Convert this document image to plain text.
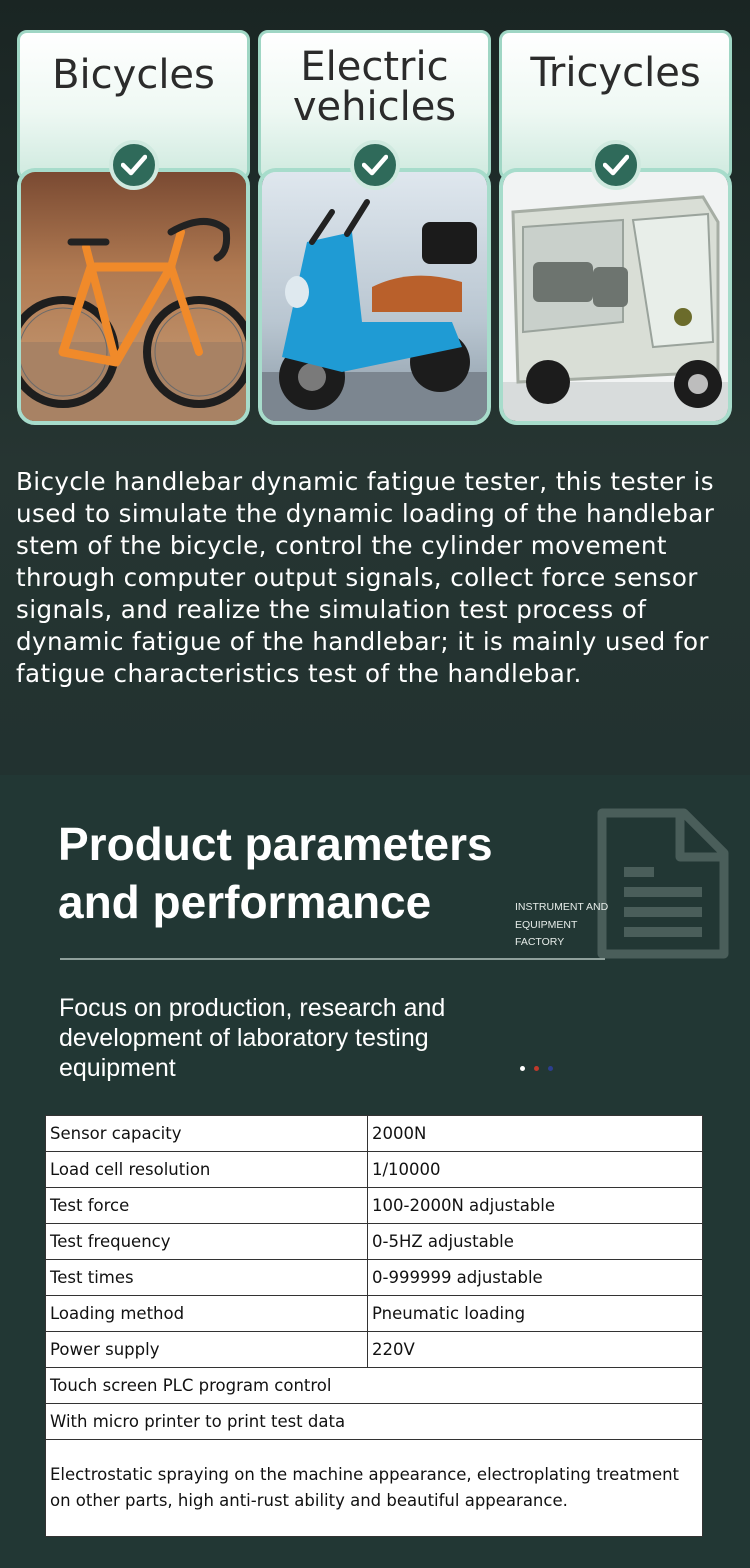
Bicycles	Electric
vehicles
Tricycles
Bicycle handlebar dynamic fatigue tester, this tester is used to simulate the dynamic loading of the handlebar stem of the bicycle, control the cylinder movement through computer output signals, collect force sensor signals, and realize the simulation test process of dynamic fatigue of the handlebar; it is mainly used for fatigue characteristics test of the handlebar.
Product parameters
and performance	INSTRUMENT AND
EQUIPMENT
FACTORY
Focus on production, research and development of laboratory testing equipment
Sensor capacity	2000N
Load cell resolution	1/10000
Test force	100-2000N adjustable
Test frequency	0-5HZ adjustable
Test times	0-999999 adjustable
Loading method	Pneumatic loading
Power supply	220V
Touch screen PLC program control	
With micro printer to print test data	
Electrostatic spraying on the machine appearance, electroplating treatment on other parts, high anti-rust ability and beautiful appearance.	
